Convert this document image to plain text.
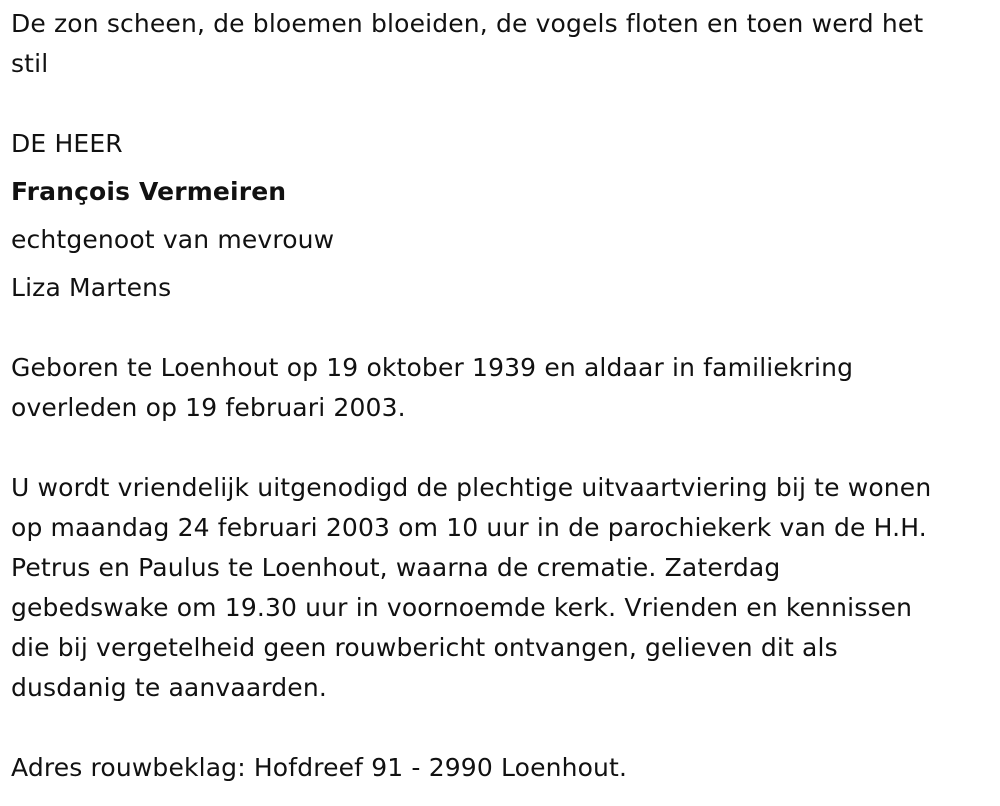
De zon scheen, de bloemen bloeiden, de vogels floten en toen werd het
stil
DE HEER
François Vermeiren
echtgenoot van mevrouw
Liza Martens
Geboren te Loenhout op 19 oktober 1939 en aldaar in familiekring
overleden op 19 februari 2003.
U wordt vriendelijk uitgenodigd de plechtige uitvaartviering bij te wonen
op maandag 24 februari 2003 om 10 uur in de parochiekerk van de H.H.
Petrus en Paulus te Loenhout, waarna de crematie. Zaterdag
gebedswake om 19.30 uur in voornoemde kerk. Vrienden en kennissen
die bij vergetelheid geen rouwbericht ontvangen, gelieven dit als
dusdanig te aanvaarden.
Adres rouwbeklag: Hofdreef 91 - 2990 Loenhout.
